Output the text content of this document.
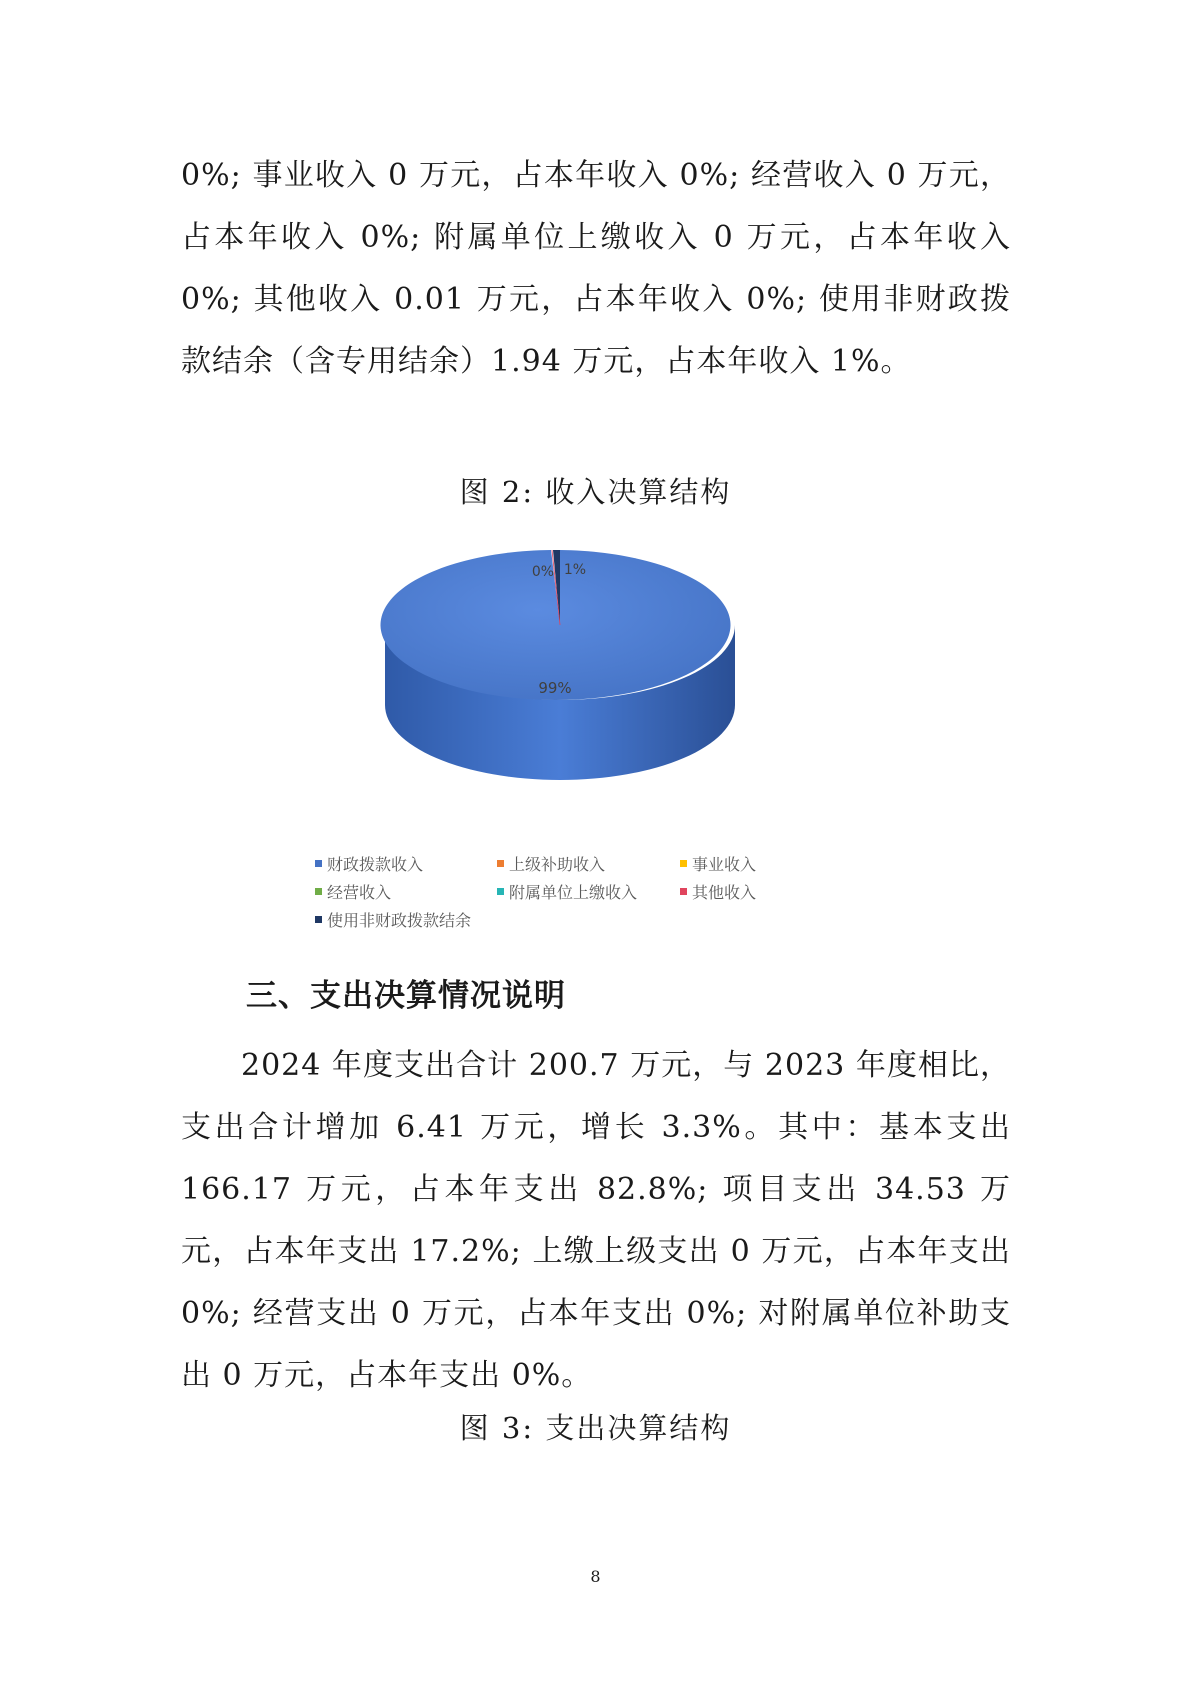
0%; 事业收入 0 万元，占本年收入 0%; 经营收入 0 万元，占本年收入 0%; 附属单位上缴收入 0 万元，占本年收入 0%; 其他收入 0.01 万元，占本年收入 0%; 使用非财政拨款结余（含专用结余）1.94 万元，占本年收入 1%。

图 2: 收入决算结构

99%
0% 1%
财政拨款收入	上级补助收入	事业收入
经营收入	附属单位上缴收入	其他收入
使用非财政拨款结余
三、支出决算情况说明

2024 年度支出合计 200.7 万元，与 2023 年度相比，支出合计增加 6.41 万元，增长 3.3%。其中：基本支出 166.17 万元，占本年支出 82.8%; 项目支出 34.53 万元，占本年支出 17.2%; 上缴上级支出 0 万元，占本年支出 0%; 经营支出 0 万元，占本年支出 0%; 对附属单位补助支出 0 万元，占本年支出 0%。

图 3: 支出决算结构

8
